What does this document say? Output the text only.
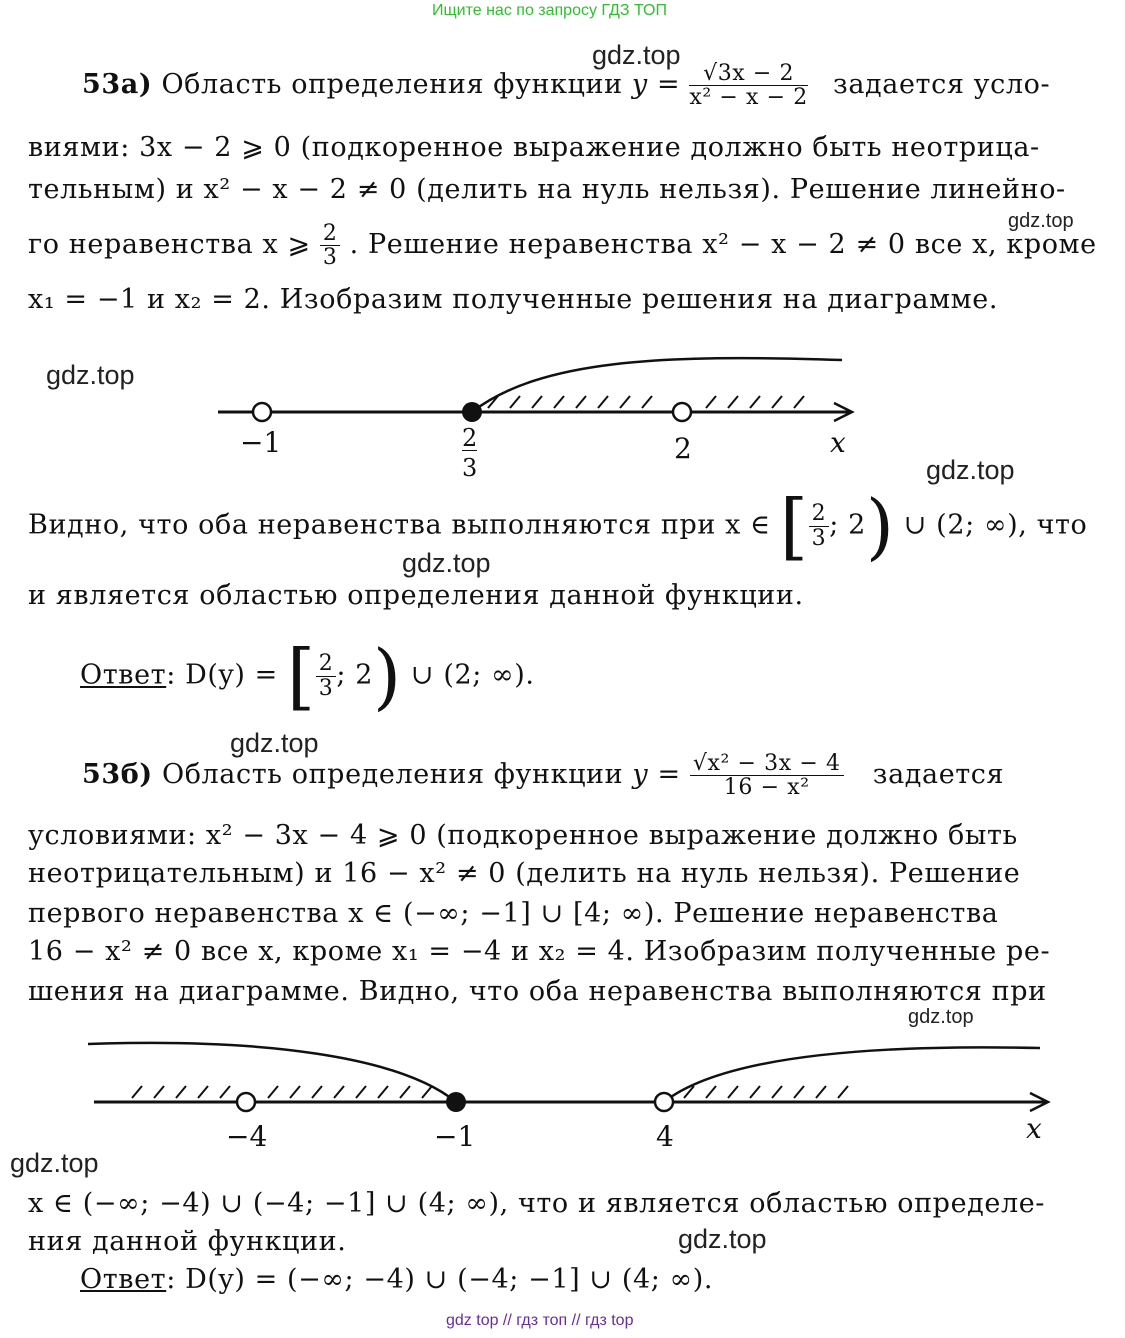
Ищите нас по запросу ГДЗ ТОП
gdz.top
gdz.top
gdz.top
gdz.top
gdz.top
gdz.top
gdz.top
gdz.top
gdz.top
53а) Область определения функции $y = \frac{√3x - 2}{\text{x² − x − 2}}$ задается усло-
виями: 3x − 2 ⩾ 0 (подкоренное выражение должно быть неотрица-
тельным) и x² − x − 2 ≠ 0 (делить на нуль нельзя). Решение линейно-
го неравенства x ⩾ $\frac{2}{3}$ . Решение неравенства x² − x − 2 ≠ 0 все x, кроме
x₁ = −1 и x₂ = 2. Изобразим полученные решения на диаграмме.
−1	2
3
2	x
Видно, что оба неравенства выполняются при x ∈ [ $\frac{2}{3}$ ; 2) ∪ (2; ∞), что
и является областью определения данной функции.
Ответ: D(y) = [ $\frac{2}{3}$ ; 2) ∪ (2; ∞).
53б) Область определения функции $y = \frac{\text{√x² − 3x − 4}}{\text{16 − x²}}$ задается
условиями: x² − 3x − 4 ⩾ 0 (подкоренное выражение должно быть
неотрицательным) и 16 − x² ≠ 0 (делить на нуль нельзя). Решение
первого неравенства x ∈ (−∞; −1] ∪ [4; ∞). Решение неравенства
16 − x² ≠ 0 все x, кроме x₁ = −4 и x₂ = 4. Изобразим полученные ре-
шения на диаграмме. Видно, что оба неравенства выполняются при
−4	−1	4	x
x ∈ (−∞; −4) ∪ (−4; −1] ∪ (4; ∞), что и является областью определе-
ния данной функции.
Ответ: D(y) = (−∞; −4) ∪ (−4; −1] ∪ (4; ∞).
gdz top // гдз топ // гдз top
